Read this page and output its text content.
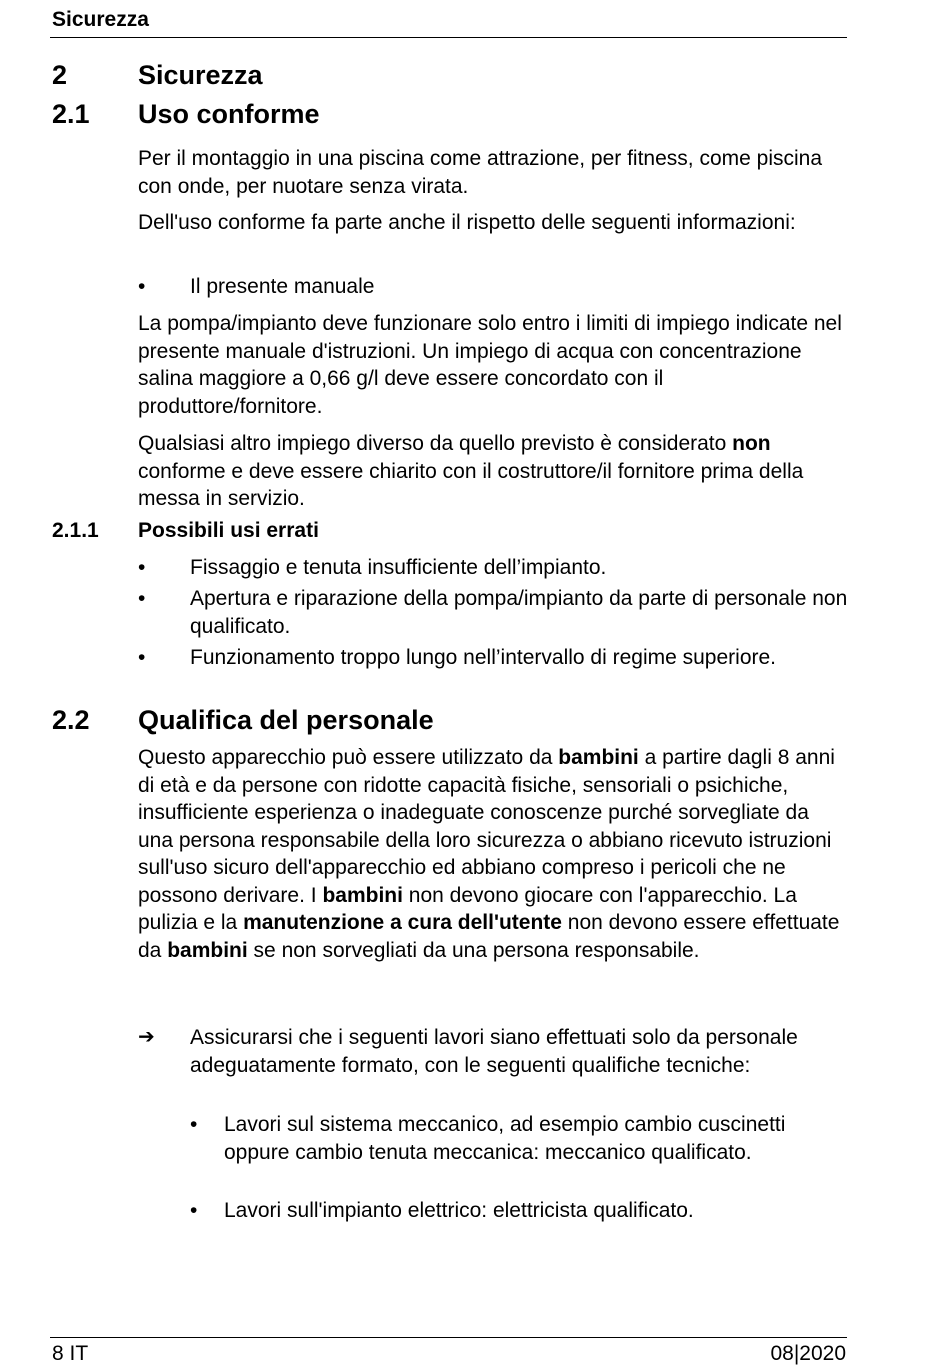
Sicurezza
2	Sicurezza
2.1 Uso conforme

Per il montaggio in una piscina come attrazione, per fitness, come piscina con onde, per nuotare senza virata.

Dell'uso conforme fa parte anche il rispetto delle seguenti informazioni:

• Il presente manuale

La pompa/impianto deve funzionare solo entro i limiti di impiego indicate nel presente manuale d'istruzioni. Un impiego di acqua con concentrazione salina maggiore a 0,66 g/l deve essere concordato con il produttore/fornitore.

Qualsiasi altro impiego diverso da quello previsto è considerato non conforme e deve essere chiarito con il costruttore/il fornitore prima della messa in servizio.

2.1.1 Possibili usi errati
• Fissaggio e tenuta insufficiente dell’impianto.
• Apertura e riparazione della pompa/impianto da parte di personale non qualificato.
• Funzionamento troppo lungo nell’intervallo di regime superiore.
2.2 Qualifica del personale

Questo apparecchio può essere utilizzato da bambini a partire dagli 8 anni di età e da persone con ridotte capacità fisiche, sensoriali o psichiche, insufficiente esperienza o inadeguate conoscenze purché sorvegliate da una persona responsabile della loro sicurezza o abbiano ricevuto istruzioni sull'uso sicuro dell'apparecchio ed abbiano compreso i pericoli che ne possono derivare. I bambini non devono giocare con l'apparecchio. La pulizia e la manutenzione a cura dell'utente non devono essere effettuate da bambini se non sorvegliati da una persona responsabile.

➔ Assicurarsi che i seguenti lavori siano effettuati solo da personale adeguatamente formato, con le seguenti qualifiche tecniche:
• Lavori sul sistema meccanico, ad esempio cambio cuscinetti oppure cambio tenuta meccanica: meccanico qualificato.
• Lavori sull'impianto elettrico: elettricista qualificato.
8 IT	08|2020
